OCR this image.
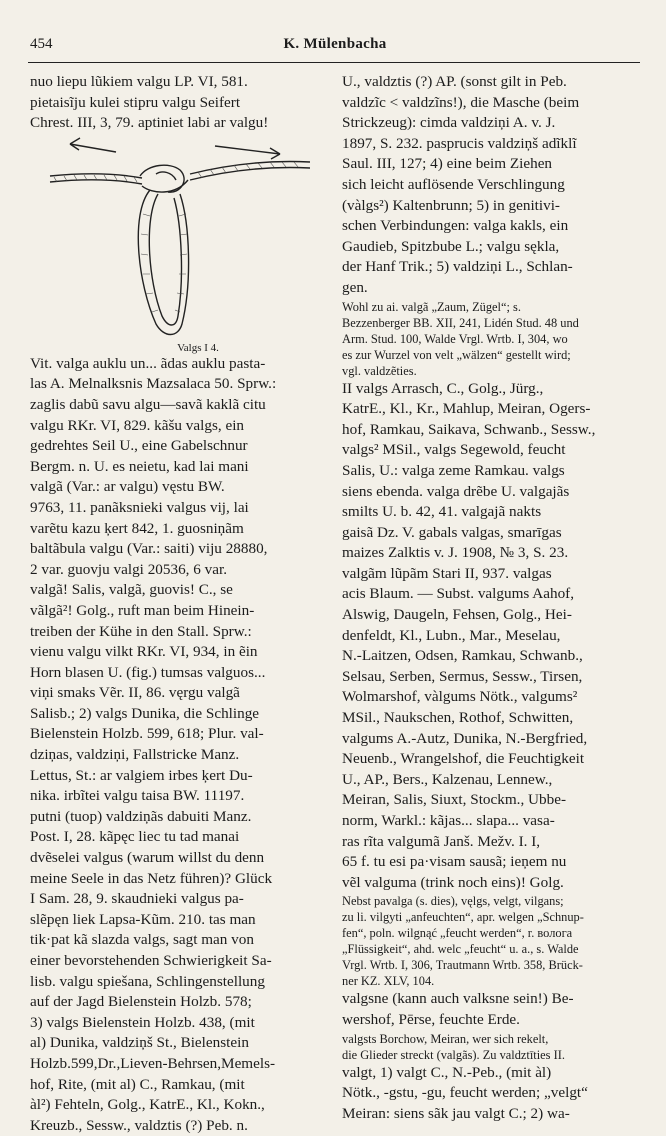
454	K. Mülenbacha
nuo liepu lũkiem valgu LP. VI, 581.
pietaisĩju kulei stipru valgu Seifert
Chrest. III, 3, 79. aptiniet labi ar valgu!
Valgs I 4.
Vit. valga auklu un... ãdas auklu pasta-
las A. Melnalksnis Mazsalaca 50. Sprw.:
zaglis dabũ savu algu—savã kaklã citu
valgu RKr. VI, 829. kãšu valgs, ein
gedrehtes Seil U., eine Gabelschnur
Bergm. n. U. es neietu, kad lai mani
valgã (Var.: ar valgu) vęstu BW.
9763, 11. panãksnieki valgus vij, lai
varẽtu kazu ķert 842, 1. guosniņãm
baltãbula valgu (Var.: saiti) viju 28880,
2 var. guovju valgi 20536, 6 var.
valgã! Salis, valgã, guovis! C., se
vãlgã²! Golg., ruft man beim Hinein-
treiben der Kühe in den Stall. Sprw.:
vienu valgu vilkt RKr. VI, 934, in ẽin
Horn blasen U. (fig.) tumsas valguos...
viņi smaks Vẽr. II, 86. vęrgu valgã
Salisb.; 2) valgs Dunika, die Schlinge
Bielenstein Holzb. 599, 618; Plur. val-
dziņas, valdziņi, Fallstricke Manz.
Lettus, St.: ar valgiem irbes ķert Du-
nika. irbĩtei valgu taisa BW. 11197.
putni (tuop) valdziņãs dabuiti Manz.
Post. I, 28. kãpęc liec tu tad manai
dvẽselei valgus (warum willst du denn
meine Seele in das Netz führen)? Glück
I Sam. 28, 9. skaudnieki valgus pa-
slẽpęn liek Lapsa-Kũm. 210. tas man
tik·pat kã slazda valgs, sagt man von
einer bevorstehenden Schwierigkeit Sa-
lisb. valgu spiešana, Schlingenstellung
auf der Jagd Bielenstein Holzb. 578;
3) valgs Bielenstein Holzb. 438, (mit
al) Dunika, valdziņš St., Bielenstein
Holzb.599,Dr.,Lieven-Behrsen,Memels-
hof, Rite, (mit al) C., Ramkau, (mit
àl²) Fehteln, Golg., KatrE., Kl., Kokn.,
Kreuzb., Sessw., valdztis (?) Peb. n.
U., valdztis (?) AP. (sonst gilt in Peb.
valdzĩc < valdzĩns!), die Masche (beim
Strickzeug): cimda valdziņi A. v. J.
1897, S. 232. paspruсis valdziņš adĩklĩ
Saul. III, 127; 4) eine beim Ziehen
sich leicht auflösende Verschlingung
(vàlgs²) Kaltenbrunn; 5) in genitivi-
schen Verbindungen: valga kakls, ein
Gaudieb, Spitzbube L.; valgu sękla,
der Hanf Trik.; 5) valdziņi L., Schlan-
gen.
Wohl zu ai. valgã „Zaum, Zügel“; s.
Bezzenberger BB. XII, 241, Lidén Stud. 48 und
Arm. Stud. 100, Walde Vrgl. Wrtb. I, 304, wo
es zur Wurzel von velt „wälzen“ gestellt wird;
vgl. valdzẽties.
II valgs Arrasch, C., Golg., Jürg.,
KatrE., Kl., Kr., Mahlup, Meiran, Ogers-
hof, Ramkau, Saikava, Schwanb., Sessw.,
valgs² MSil., valgs Segewold, feucht
Salis, U.: valga zeme Ramkau. valgs
siens ebenda. valga drẽbe U. valgajãs
smilts U. b. 42, 41. valgajã nakts
gaisã Dz. V. gabals valgas, smarīgas
maizes Zalktis v. J. 1908, № 3, S. 23.
valgãm lũpãm Stari II, 937. valgas
acis Blaum. — Subst. valgums Aahof,
Alswig, Daugeln, Fehsen, Golg., Hei-
denfeldt, Kl., Lubn., Mar., Meselau,
N.-Laitzen, Odsen, Ramkau, Schwanb.,
Selsau, Serben, Sermus, Sessw., Tirsen,
Wolmarshof, vàlgums Nötk., valgums²
MSil., Naukschen, Rothof, Schwitten,
valgums A.-Autz, Dunika, N.-Bergfried,
Neuenb., Wrangelshof, die Feuchtigkeit
U., AP., Bers., Kalzenau, Lennew.,
Meiran, Salis, Siuxt, Stockm., Ubbe-
norm, Warkl.: kãjas... slapa... vasa-
ras rĩta valgumã Janš. Mežv. I. I,
65 f. tu esi pa·visam sausã; ieņem nu
vẽl valguma (trink noch eins)! Golg.
Nebst pavalga (s. dies), vęlgs, velgt, vilgans;
zu li. vilgyti „anfeuchten“, apr. welgen „Schnup-
fen“, poln. wilgnąć „feucht werden“, r. волога
„Flüssigkeit“, ahd. welc „feucht“ u. a., s. Walde
Vrgl. Wrtb. I, 306, Trautmann Wrtb. 358, Brück-
ner KZ. XLV, 104.
valgsne (kann auch valksne sein!) Be-
wershof, Pērse, feuchte Erde.
valgsts Borchow, Meiran, wer sich rekelt,
die Glieder streckt (valgãs). Zu valdztīties II.
valgt, 1) valgt C., N.-Peb., (mit àl)
Nötk., -gstu, -gu, feucht werden; „velgt“
Meiran: siens sãk jau valgt C.; 2) wa-
